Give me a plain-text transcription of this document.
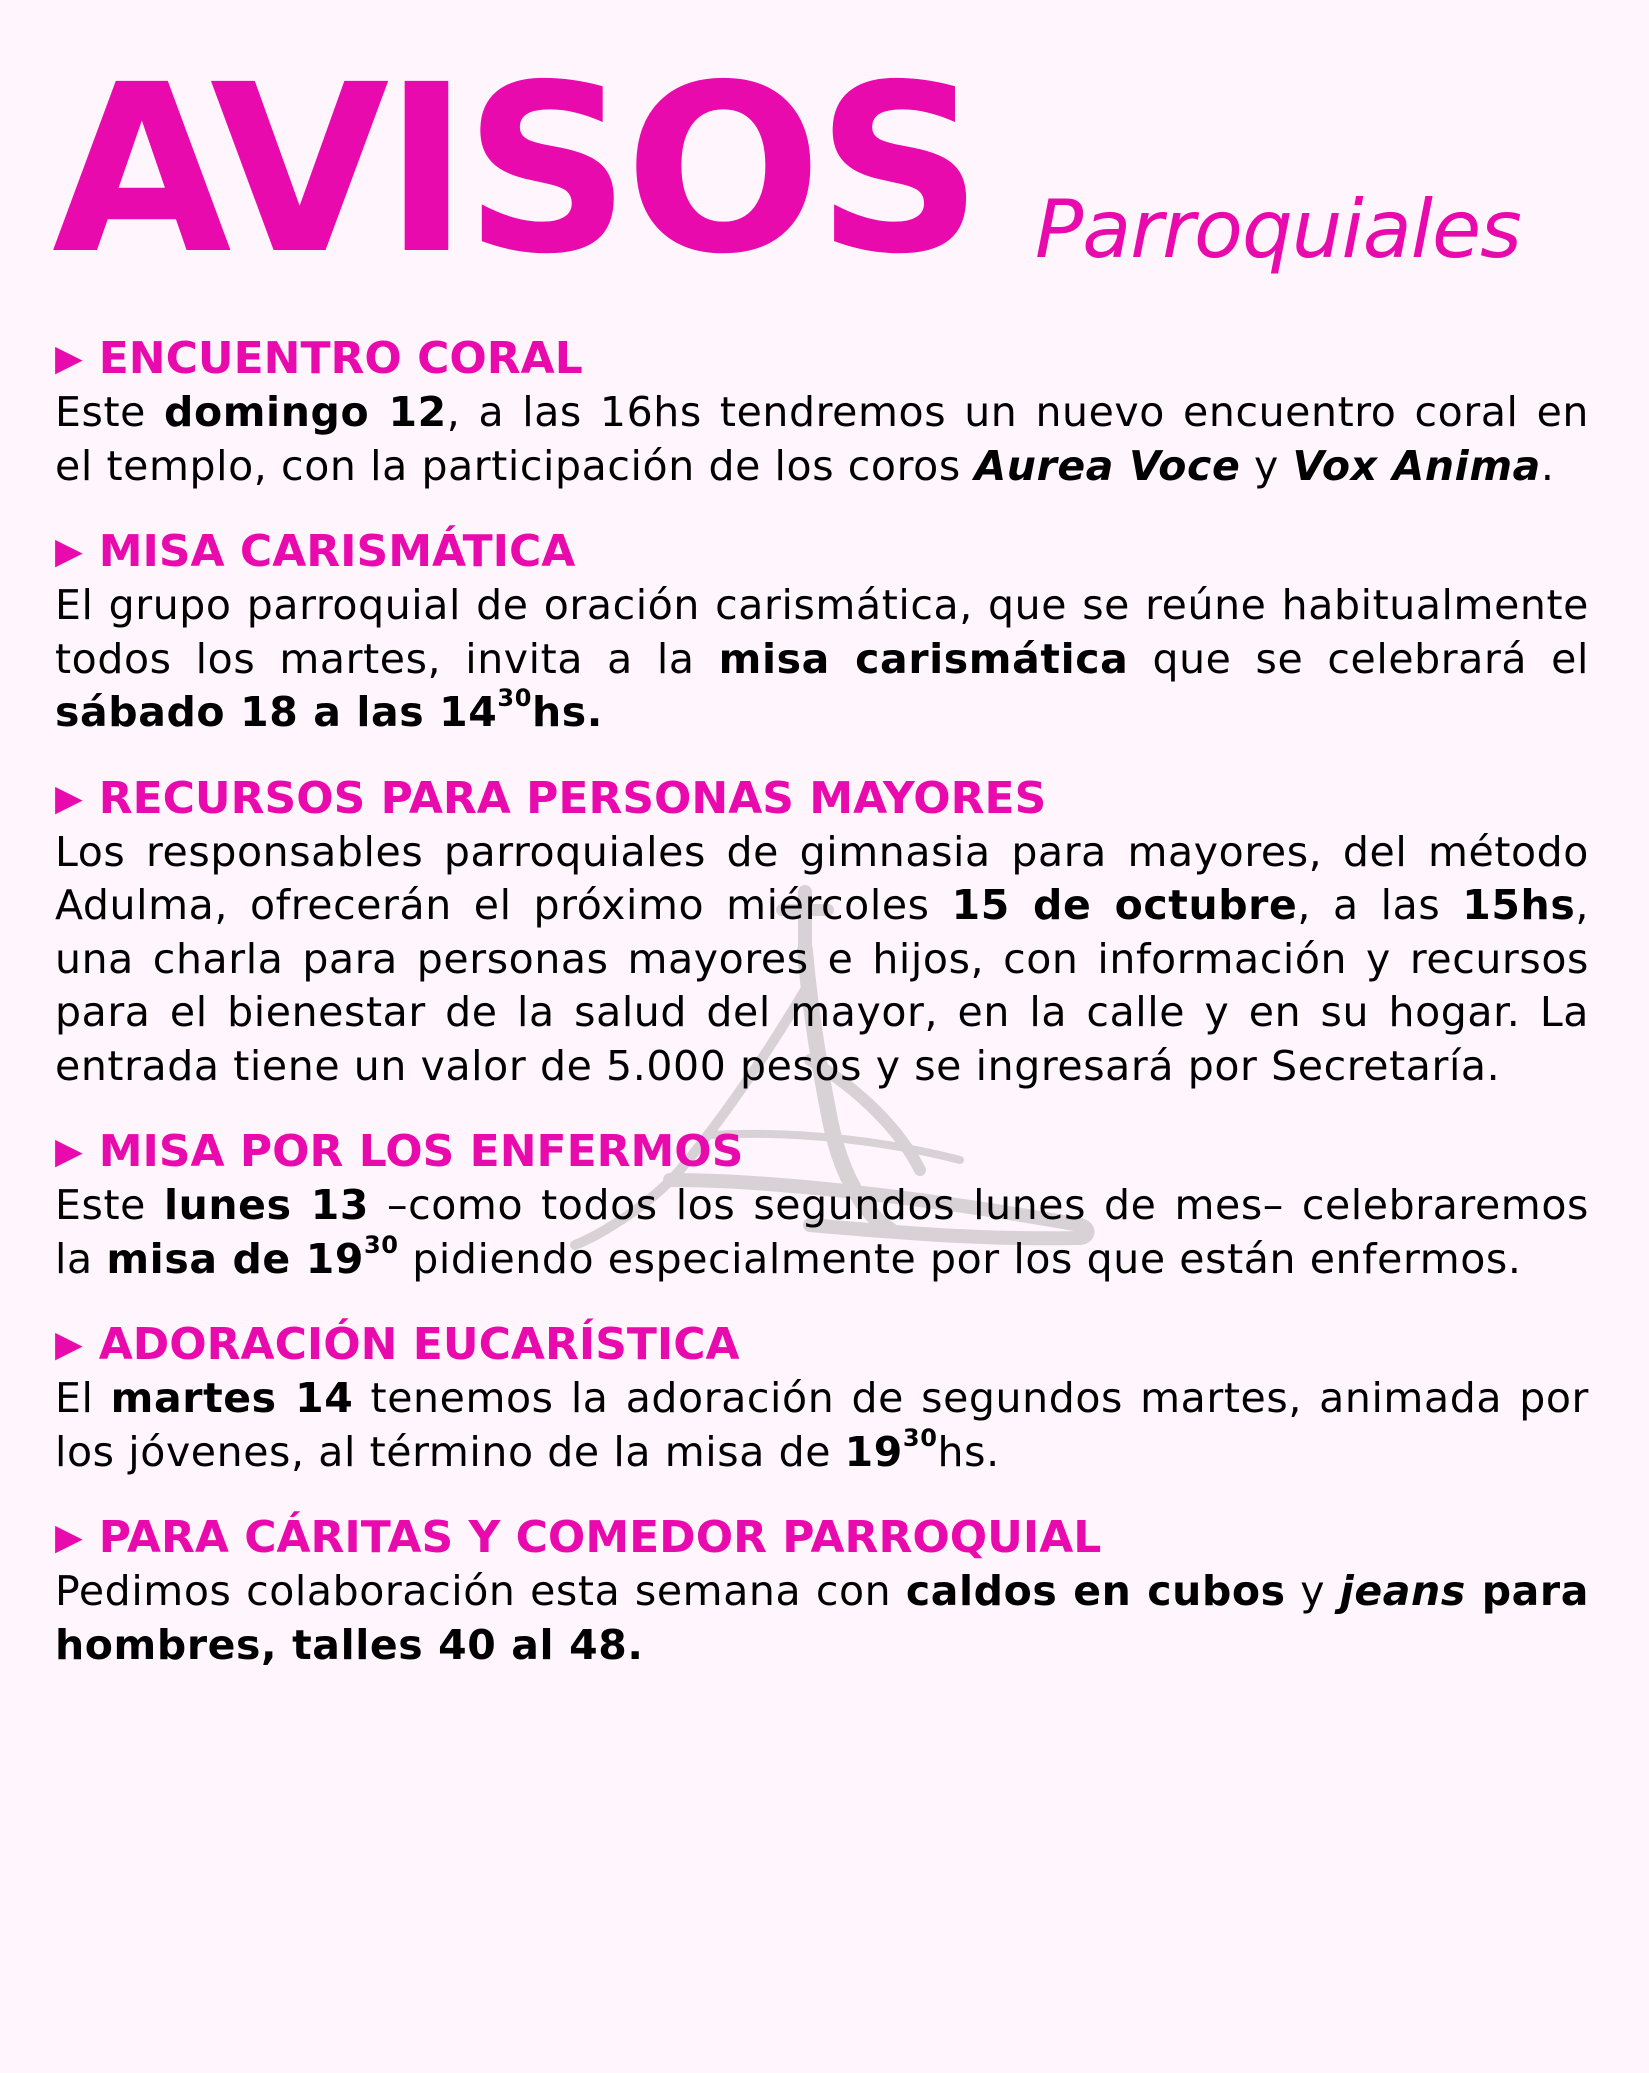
AVISOS Parroquiales
▶ ENCUENTRO CORAL

Este domingo 12, a las 16hs tendremos un nuevo encuentro coral en el templo, con la participación de los coros Aurea Voce y Vox Anima.

▶ MISA CARISMÁTICA

El grupo parroquial de oración carismática, que se reúne habitualmente todos los martes, invita a la misa carismática que se celebrará el sábado 18 a las $14^{30}hs$.

▶ RECURSOS PARA PERSONAS MAYORES

Los responsables parroquiales de gimnasia para mayores, del método Adulma, ofrecerán el próximo miércoles 15 de octubre, a las 15hs, una charla para personas mayores e hijos, con información y recursos para el bienestar de la salud del mayor, en la calle y en su hogar. La entrada tiene un valor de 5.000 pesos y se ingresará por Secretaría.

▶ MISA POR LOS ENFERMOS

Este lunes 13 –como todos los segundos lunes de mes– celebraremos la misa de $19^{30}$ pidiendo especialmente por los que están enfermos.

▶ ADORACIÓN EUCARÍSTICA

El martes 14 tenemos la adoración de segundos martes, animada por los jóvenes, al término de la misa de $19^{30}hs$.

▶ PARA CÁRITAS Y COMEDOR PARROQUIAL

Pedimos colaboración esta semana con caldos en cubos y jeans para hombres, talles 40 al 48.
